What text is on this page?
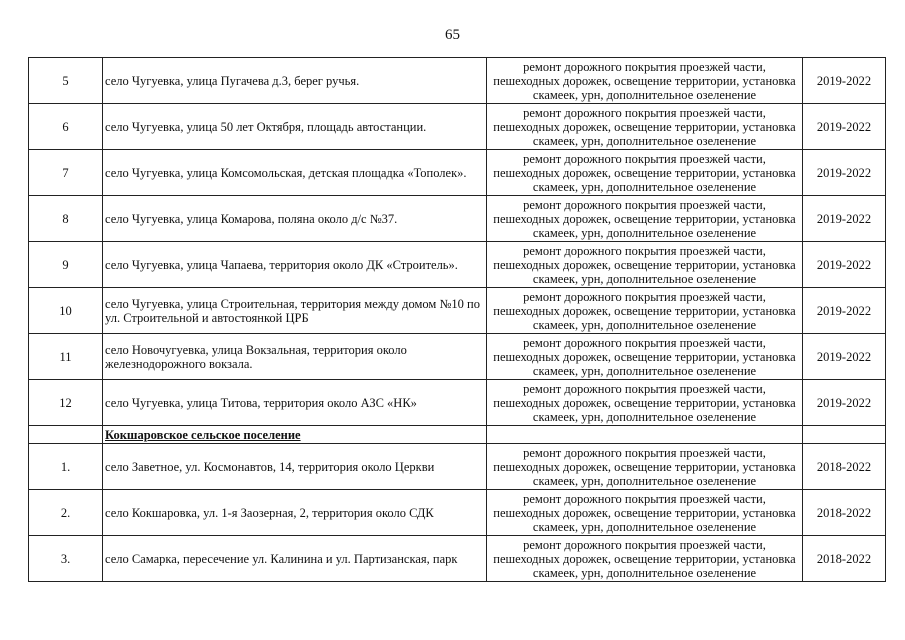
65
5	село Чугуевка, улица Пугачева д.3, берег ручья.	ремонт дорожного покрытия проезжей части, пешеходных дорожек, освещение территории, установка скамеек, урн, дополнительное озеленение	2019-2022
6	село Чугуевка, улица 50 лет Октября, площадь автостанции.	ремонт дорожного покрытия проезжей части, пешеходных дорожек, освещение территории, установка скамеек, урн, дополнительное озеленение	2019-2022
7	село Чугуевка, улица Комсомольская, детская площадка «Тополек».	ремонт дорожного покрытия проезжей части, пешеходных дорожек, освещение территории, установка скамеек, урн, дополнительное озеленение	2019-2022
8	село Чугуевка, улица Комарова, поляна около д/с №37.	ремонт дорожного покрытия проезжей части, пешеходных дорожек, освещение территории, установка скамеек, урн, дополнительное озеленение	2019-2022
9	село Чугуевка, улица Чапаева, территория около ДК «Строитель».	ремонт дорожного покрытия проезжей части, пешеходных дорожек, освещение территории, установка скамеек, урн, дополнительное озеленение	2019-2022
10	село Чугуевка, улица Строительная, территория между домом №10 по ул. Строительной и автостоянкой ЦРБ	ремонт дорожного покрытия проезжей части, пешеходных дорожек, освещение территории, установка скамеек, урн, дополнительное озеленение	2019-2022
11	село Новочугуевка, улица Вокзальная, территория около железнодорожного вокзала.	ремонт дорожного покрытия проезжей части, пешеходных дорожек, освещение территории, установка скамеек, урн, дополнительное озеленение	2019-2022
12	село Чугуевка, улица Титова, территория около АЗС «НК»	ремонт дорожного покрытия проезжей части, пешеходных дорожек, освещение территории, установка скамеек, урн, дополнительное озеленение	2019-2022
	Кокшаровское сельское поселение		
1.	село Заветное, ул. Космонавтов, 14, территория около Церкви	ремонт дорожного покрытия проезжей части, пешеходных дорожек, освещение территории, установка скамеек, урн, дополнительное озеленение	2018-2022
2.	село Кокшаровка, ул. 1-я Заозерная, 2, территория около СДК	ремонт дорожного покрытия проезжей части, пешеходных дорожек, освещение территории, установка скамеек, урн, дополнительное озеленение	2018-2022
3.	село Самарка, пересечение ул. Калинина и ул. Партизанская, парк	ремонт дорожного покрытия проезжей части, пешеходных дорожек, освещение территории, установка скамеек, урн, дополнительное озеленение	2018-2022
